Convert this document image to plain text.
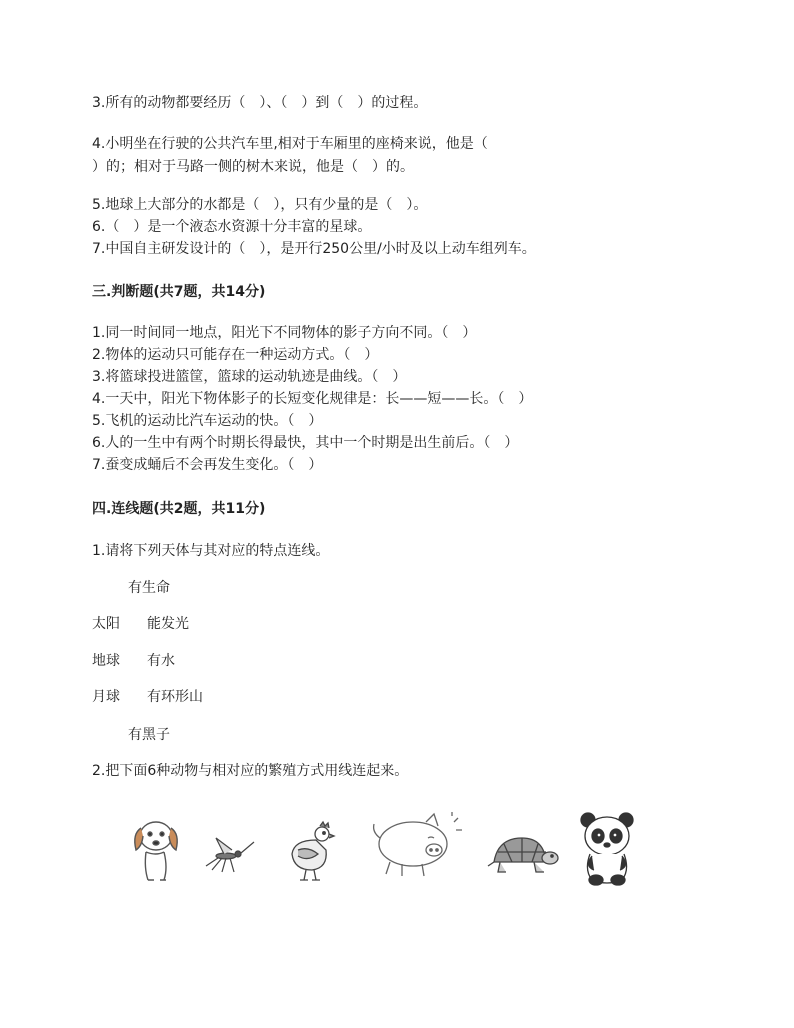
3.所有的动物都要经历（　）、（　）到（　）的过程。
4.小明坐在行驶的公共汽车里,相对于车厢里的座椅来说，他是（
）的；相对于马路一侧的树木来说，他是（　）的。
5.地球上大部分的水都是（　），只有少量的是（　）。
6.（　）是一个液态水资源十分丰富的星球。
7.中国自主研发设计的（　），是开行250公里/小时及以上动车组列车。
三.判断题(共7题，共14分)
1.同一时间同一地点，阳光下不同物体的影子方向不同。（　）
2.物体的运动只可能存在一种运动方式。（　）
3.将篮球投进篮筐，篮球的运动轨迹是曲线。（　）
4.一天中，阳光下物体影子的长短变化规律是：长——短——长。（　）
5.飞机的运动比汽车运动的快。（　）
6.人的一生中有两个时期长得最快，其中一个时期是出生前后。（　）
7.蚕变成蛹后不会再发生变化。（　）
四.连线题(共2题，共11分)
1.请将下列天体与其对应的特点连线。
有生命
太阳 能发光
地球 有水
月球 有环形山
有黑子
2.把下面6种动物与相对应的繁殖方式用线连起来。
